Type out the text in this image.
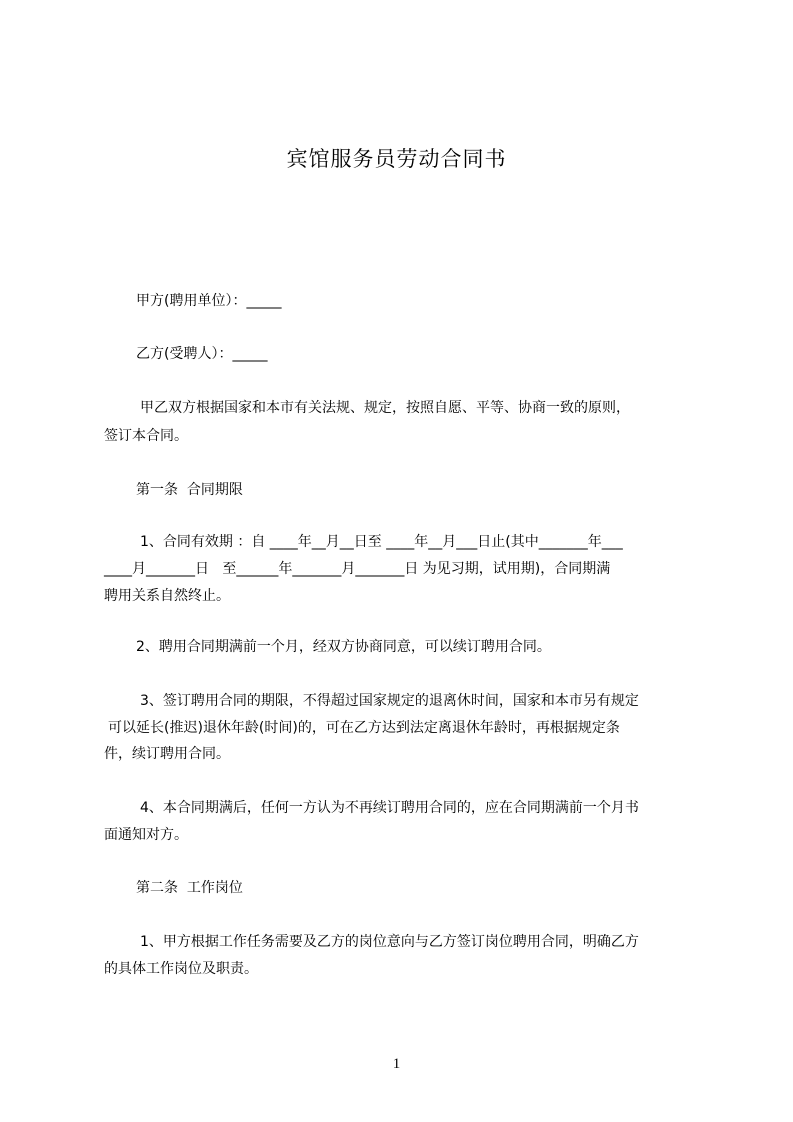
宾馆服务员劳动合同书
甲方(聘用单位）：_____
乙方(受聘人）：_____
甲乙双方根据国家和本市有关法规、规定，按照自愿、平等、协商一致的原则，
签订本合同。
第一条  合同期限
1、合同有效期 ：自 ____年__月__日至 ____年__月___日止(其中_______年___
____月_______日   至______年_______月_______日 为见习期，试用期)，合同期满
聘用关系自然终止。
2、聘用合同期满前一个月，经双方协商同意，可以续订聘用合同。
3、签订聘用合同的期限，不得超过国家规定的退离休时间，国家和本市另有规定
可以延长(推迟)退休年龄(时间)的，可在乙方达到法定离退休年龄时，再根据规定条
件，续订聘用合同。
4、本合同期满后，任何一方认为不再续订聘用合同的，应在合同期满前一个月书
面通知对方。
第二条  工作岗位
1、甲方根据工作任务需要及乙方的岗位意向与乙方签订岗位聘用合同，明确乙方
的具体工作岗位及职责。
1
